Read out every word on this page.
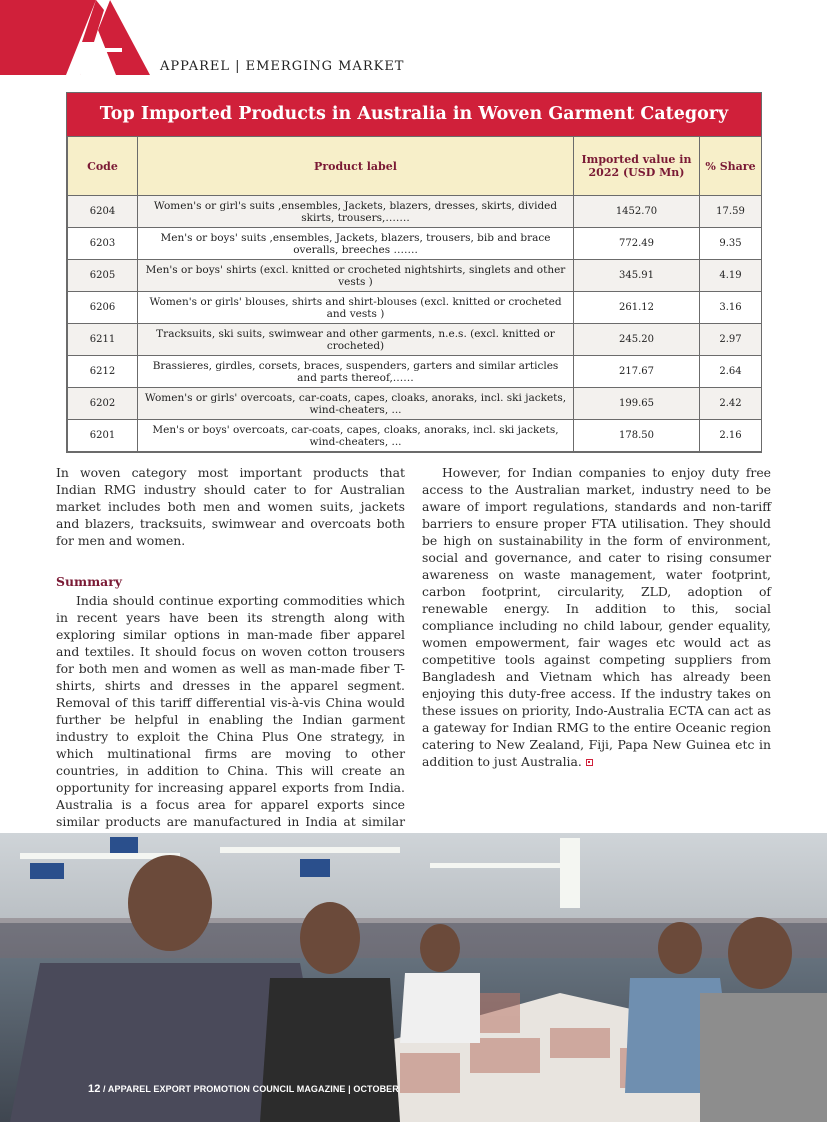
APPAREL | EMERGING MARKET
Top Imported Products in Australia in Woven Garment Category
Code	Product label	Imported value in 2022 (USD Mn)	% Share
6204	Women's or girl's suits ,ensembles, Jackets, blazers, dresses, skirts, divided skirts, trousers,…….	1452.70	17.59
6203	Men's or boys' suits ,ensembles, Jackets, blazers, trousers, bib and brace overalls, breeches …….	772.49	9.35
6205	Men's or boys' shirts (excl. knitted or crocheted nightshirts, singlets and other vests )	345.91	4.19
6206	Women's or girls' blouses, shirts and shirt-blouses (excl. knitted or crocheted and vests )	261.12	3.16
6211	Tracksuits, ski suits, swimwear and other garments, n.e.s. (excl. knitted or crocheted)	245.20	2.97
6212	Brassieres, girdles, corsets, braces, suspenders, garters and similar articles and parts thereof,……	217.67	2.64
6202	Women's or girls' overcoats, car-coats, capes, cloaks, anoraks, incl. ski jackets, wind-cheaters, ...	199.65	2.42
6201	Men's or boys' overcoats, car-coats, capes, cloaks, anoraks, incl. ski jackets, wind-cheaters, ...	178.50	2.16

In woven category most important products that Indian RMG industry should cater to for Australian market includes both men and women suits, jackets and blazers, tracksuits, swimwear and overcoats both for men and women.

Summary

India should continue exporting commodities which in recent years have been its strength along with exploring similar options in man-made fiber apparel and textiles. It should focus on woven cotton trousers for both men and women as well as man-made fiber T-shirts, shirts and dresses in the apparel segment. Removal of this tariff differential vis-à-vis China would further be helpful in enabling the Indian garment industry to exploit the China Plus One strategy, in which multinational firms are moving to other countries, in addition to China. This will create an opportunity for increasing apparel exports from India. Australia is a focus area for apparel exports since similar products are manufactured in India at similar

However, for Indian companies to enjoy duty free access to the Australian market, industry need to be aware of import regulations, standards and non-tariff barriers to ensure proper FTA utilisation. They should be high on sustainability in the form of environment, social and governance, and cater to rising consumer awareness on waste management, water footprint, carbon footprint, circularity, ZLD, adoption of renewable energy. In addition to this, social compliance including no child labour, gender equality, women empowerment, fair wages etc would act as competitive tools against competing suppliers from Bangladesh and Vietnam which has already been enjoying this duty-free access. If the industry takes on these issues on priority, Indo-Australia ECTA can act as a gateway for Indian RMG to the entire Oceanic region catering to New Zealand, Fiji, Papa New Guinea etc in addition to just Australia.

12 / APPAREL EXPORT PROMOTION COUNCIL MAGAZINE | OCTOBER
